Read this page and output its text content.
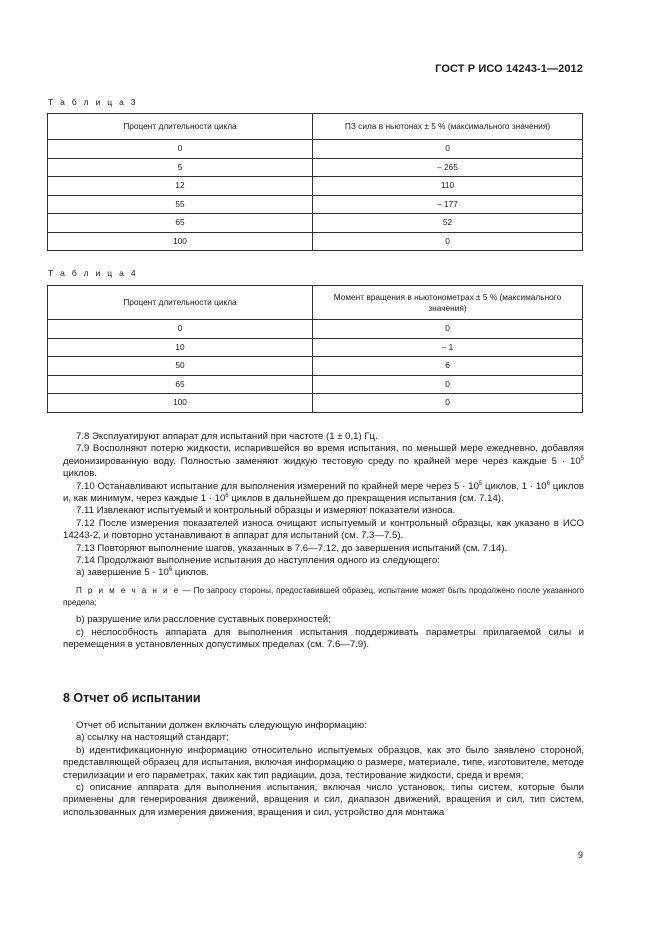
ГОСТ Р ИСО 14243-1—2012
Т а б л и ц а 3
Процент длительности цикла	ПЗ сила в ньютонах ± 5 % (максимального значения)
0	0
5	– 265
12	110
55	– 177
65	52
100	0
Т а б л и ц а 4
Процент длительности цикла	Момент вращения в ньютонометрах ± 5 % (максимального значения)
0	0
10	– 1
50	6
65	0
100	0

7.8 Эксплуатируют аппарат для испытаний при частоте (1 ± 0,1) Гц.

7.9 Восполняют потерю жидкости, испарившейся во время испытания, по меньшей мере ежедневно, добавляя деионизированную воду. Полностью заменяют жидкую тестовую среду по крайней мере через каждые $5 \cdot 10^5$ циклов.

7.10 Останавливают испытание для выполнения измерений по крайней мере через $5 \cdot 10^5$ циклов, $1 \cdot 10^6$ циклов и, как минимум, через каждые $1 \cdot 10^6$ циклов в дальнейшем до прекращения испытания (см. 7.14).

7.11 Извлекают испытуемый и контрольный образцы и измеряют показатели износа.

7.12 После измерения показателей износа очищают испытуемый и контрольный образцы, как указано в ИСО 14243-2, и повторно устанавливают в аппарат для испытаний (см. 7.3—7.5).

7.13 Повторяют выполнение шагов, указанных в 7.6—7.12, до завершения испытаний (см. 7.14).

7.14 Продолжают выполнение испытания до наступления одного из следующего:

а) завершение $5 \cdot 10^6$ циклов.

П р и м е ч а н и е — По запросу стороны, предоставившей образец, испытание может быть продолжено после указанного предела;

b) разрушение или расслоение суставных поверхностей;

c) неспособность аппарата для выполнения испытания поддерживать параметры прилагаемой силы и перемещения в установленных допустимых пределах (см. 7.6—7.9).

8 Отчет об испытании

Отчет об испытании должен включать следующую информацию:

а) ссылку на настоящий стандарт;

b) идентификационную информацию относительно испытуемых образцов, как это было заявлено стороной, представляющей образец для испытания, включая информацию о размере, материале, типе, изготовителе, методе стерилизации и его параметрах, таких как тип радиации, доза, тестирование жидкости, среда и время;

с) описание аппарата для выполнения испытания, включая число установок, типы систем, которые были применены для генерирования движений, вращения и сил, диапазон движений, вращения и сил, тип систем, использованных для измерения движения, вращения и сил, устройство для монтажа

9
